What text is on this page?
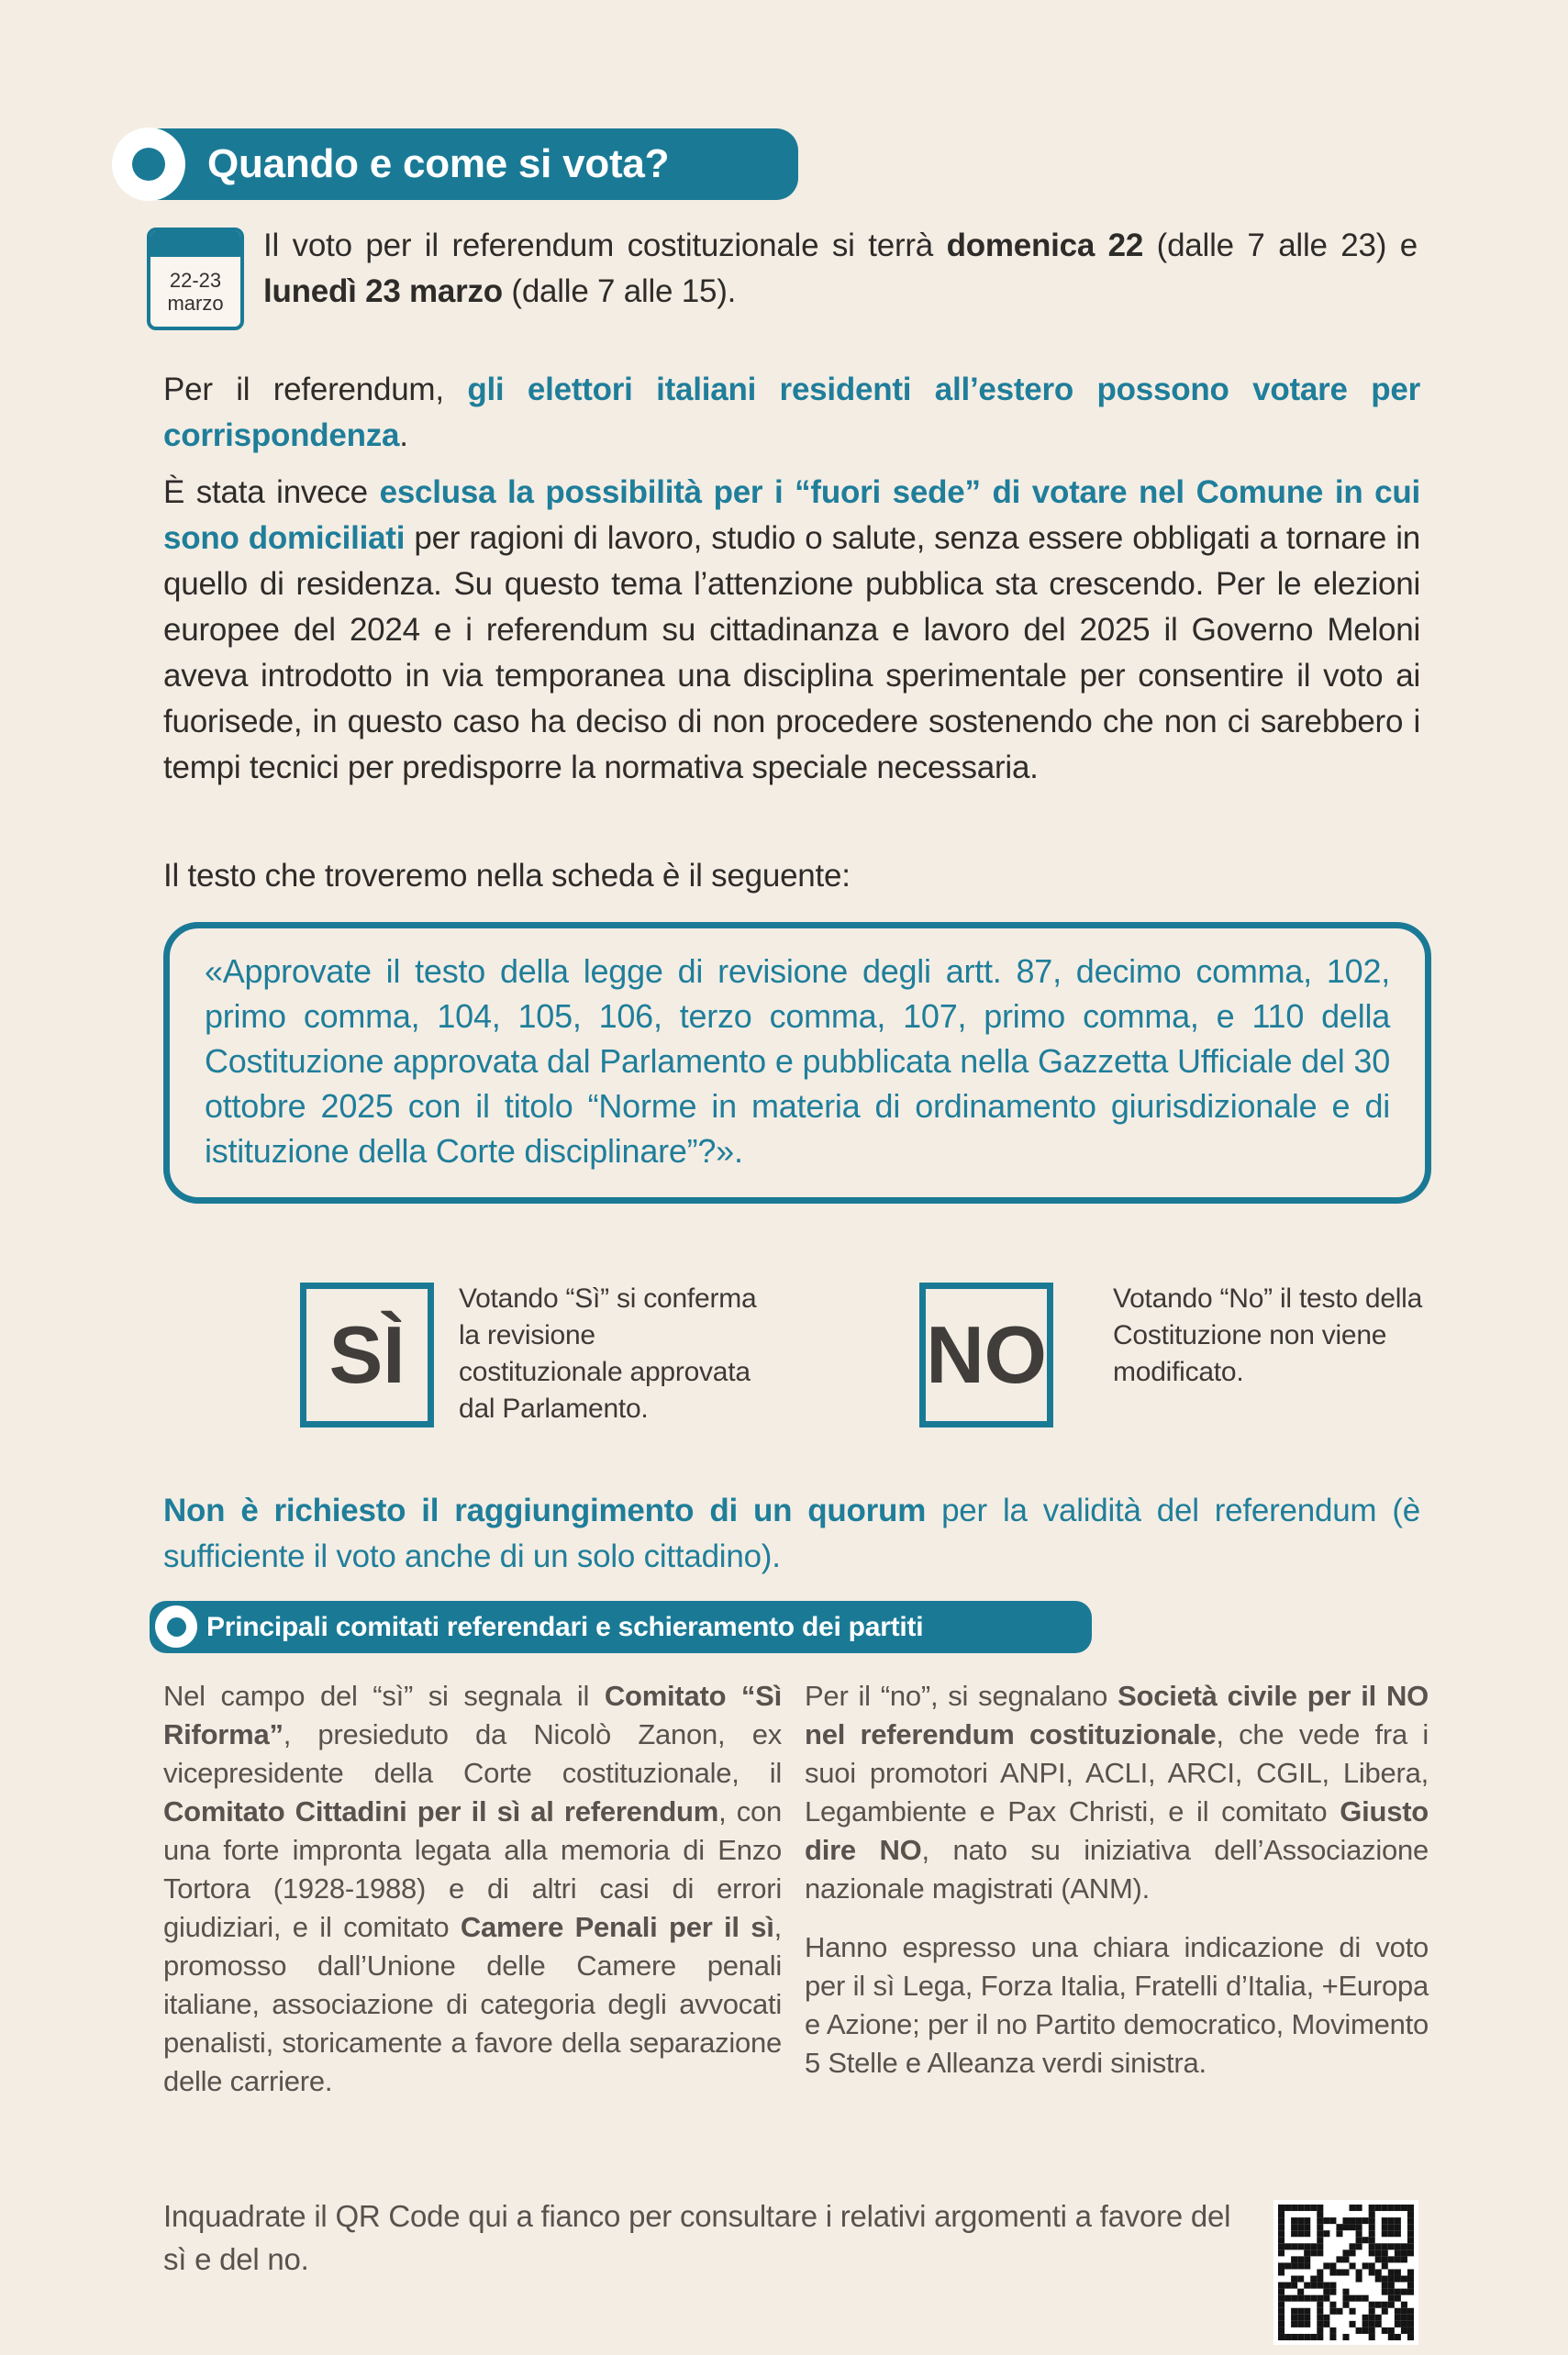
Quando e come si vota?
22-23
marzo

Il voto per il referendum costituzionale si terrà domenica 22 (dalle 7 alle 23) e lunedì 23 marzo (dalle 7 alle 15).

Per il referendum, gli elettori italiani residenti all’estero possono votare per corrispondenza.

È stata invece esclusa la possibilità per i “fuori sede” di votare nel Comune in cui sono domiciliati per ragioni di lavoro, studio o salute, senza essere obbligati a tornare in quello di residenza. Su questo tema l’attenzione pubblica sta crescendo. Per le elezioni europee del 2024 e i referendum su cittadinanza e lavoro del 2025 il Governo Meloni aveva introdotto in via temporanea una disciplina sperimentale per consentire il voto ai fuorisede, in questo caso ha deciso di non procedere sostenendo che non ci sarebbero i tempi tecnici per predisporre la normativa speciale necessaria.

Il testo che troveremo nella scheda è il seguente:

«Approvate il testo della legge di revisione degli artt. 87, decimo comma, 102, primo comma, 104, 105, 106, terzo comma, 107, primo comma, e 110 della Costituzione approvata dal Parlamento e pubblicata nella Gazzetta Ufficiale del 30 ottobre 2025 con il titolo “Norme in materia di ordinamento giurisdizionale e di istituzione della Corte disciplinare”?».
SÌ
Votando “Sì” si conferma la revisione costituzionale approvata dal Parlamento.
NO
Votando “No” il testo della Costituzione non viene modificato.

Non è richiesto il raggiungimento di un quorum per la validità del referendum (è sufficiente il voto anche di un solo cittadino).

Principali comitati referendari e schieramento dei partiti

Nel campo del “sì” si segnala il Comitato “Sì Riforma”, presieduto da Nicolò Zanon, ex vicepresidente della Corte costituzionale, il Comitato Cittadini per il sì al referendum, con una forte impronta legata alla memoria di Enzo Tortora (1928-1988) e di altri casi di errori giudiziari, e il comitato Camere Penali per il sì, promosso dall’Unione delle Camere penali italiane, associazione di categoria degli avvocati penalisti, storicamente a favore della separazione delle carriere.

Per il “no”, si segnalano Società civile per il NO nel referendum costituzionale, che vede fra i suoi promotori ANPI, ACLI, ARCI, CGIL, Libera, Legambiente e Pax Christi, e il comitato Giusto dire NO, nato su iniziativa dell’Associazione nazionale magistrati (ANM).

Hanno espresso una chiara indicazione di voto per il sì Lega, Forza Italia, Fratelli d’Italia, +Europa e Azione; per il no Partito democratico, Movimento 5 Stelle e Alleanza verdi sinistra.

Inquadrate il QR Code qui a fianco per consultare i relativi argomenti a favore del sì e del no.
